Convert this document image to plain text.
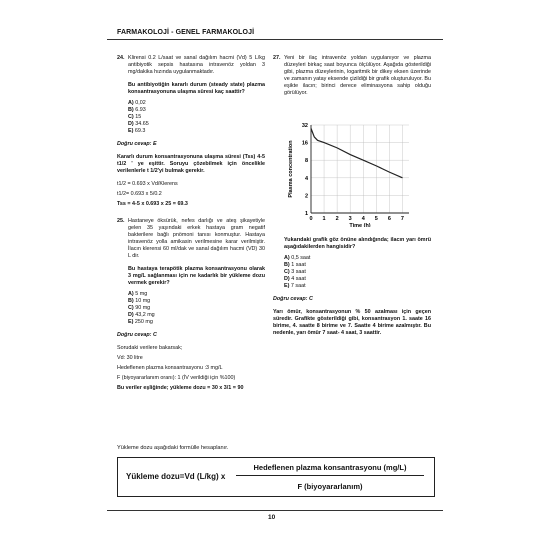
FARMAKOLOJİ - GENEL FARMAKOLOJİ
24. Klirensi 0.2 L/saat ve sanal dağılım hacmi (Vd) 5 L/kg antibiyotik sepsis hastasına intravenöz yoldan 3 mg/dakika hızında uygulanmaktadır.
Bu antibiyotiğin kararlı durum (steady state) plazma konsantrasyonuna ulaşma süresi kaç saattir?
A) 0,02
B) 6.93
C) 15
D) 34.65
E) 69.3
Doğru cevap: E
Kararlı durum konsantrasyonuna ulaşma süresi (Tss) 4-5 t1/2 ' ye eşittir. Soruyu çözebilmek için öncelikle verilenlerle t 1/2'yi bulmak gerekir.
t1/2 = 0.693 x Vd/Klerens
t1/2= 0.693 x 5/0.2
Tss = 4-5 x 0.693 x 25 = 69.3
25. Hastaneye öksürük, nefes darlığı ve ateş şikayetiyle gelen 35 yaşındaki erkek hastaya gram negatif bakterilere bağlı pnömoni tanısı konmuştur. Hastaya intravenöz yolla amikasin verilmesine karar verilmiştir. İlacın klerensi 60 ml/dak ve sanal dağılım hacmi (VD) 30 L dir.
Bu hastaya terapötik plazma konsantrasyonu olarak 3 mg/L sağlanması için ne kadarlık bir yükleme dozu vermek gerekir?
A) 5 mg
B) 10 mg
C) 90 mg
D) 43,2 mg
E) 250 mg
Doğru cevap: C
Sorudaki verilere bakarsak;
Vd: 30 litre
Hedeflenen plazma konsantrasyonu :3 mg/L
F (biyoyararlanım oranı): 1 (İV verildiği için %100)
Bu veriler eşliğinde; yükleme dozu = 30 x 3/1 = 90
27. Yeni bir ilaç intravenöz yoldan uygulanıyor ve plazma düzeyleri birkaç saat boyunca ölçülüyor. Aşağıda gösterildiği gibi, plazma düzeylerinin, logaritmik bir dikey eksen üzerinde ve zamanın yatay eksende çizildiği bir grafik oluşturuluyor. Bu eşikte ilacın; birinci derece eliminasyona sahip olduğu görülüyor.
0 1 2 3 4 5 6 7
1
2
4
8
16
32
Time (h)
Plasma concentration
Yukarıdaki grafik göz önüne alındığında; ilacın yarı ömrü aşağıdakilerden hangisidir?
A) 0,5 saat
B) 1 saat
C) 3 saat
D) 4 saat
E) 7 saat
Doğru cevap: C
Yarı ömür, konsantrasyonun % 50 azalması için geçen süredir. Grafikte gösterildiği gibi, konsantrasyon 1. saate 16 birime, 4. saatte 8 birime ve 7. Saatte 4 birime azalmıştır. Bu nedenle, yarı ömür 7 saat- 4 saat, 3 saattir.
Yükleme dozu aşağıdaki formülle hesaplanır.
Yükleme dozu=Vd (L/kg) x
Hedeflenen plazma konsantrasyonu (mg/L)
F (biyoyararlanım)
10
